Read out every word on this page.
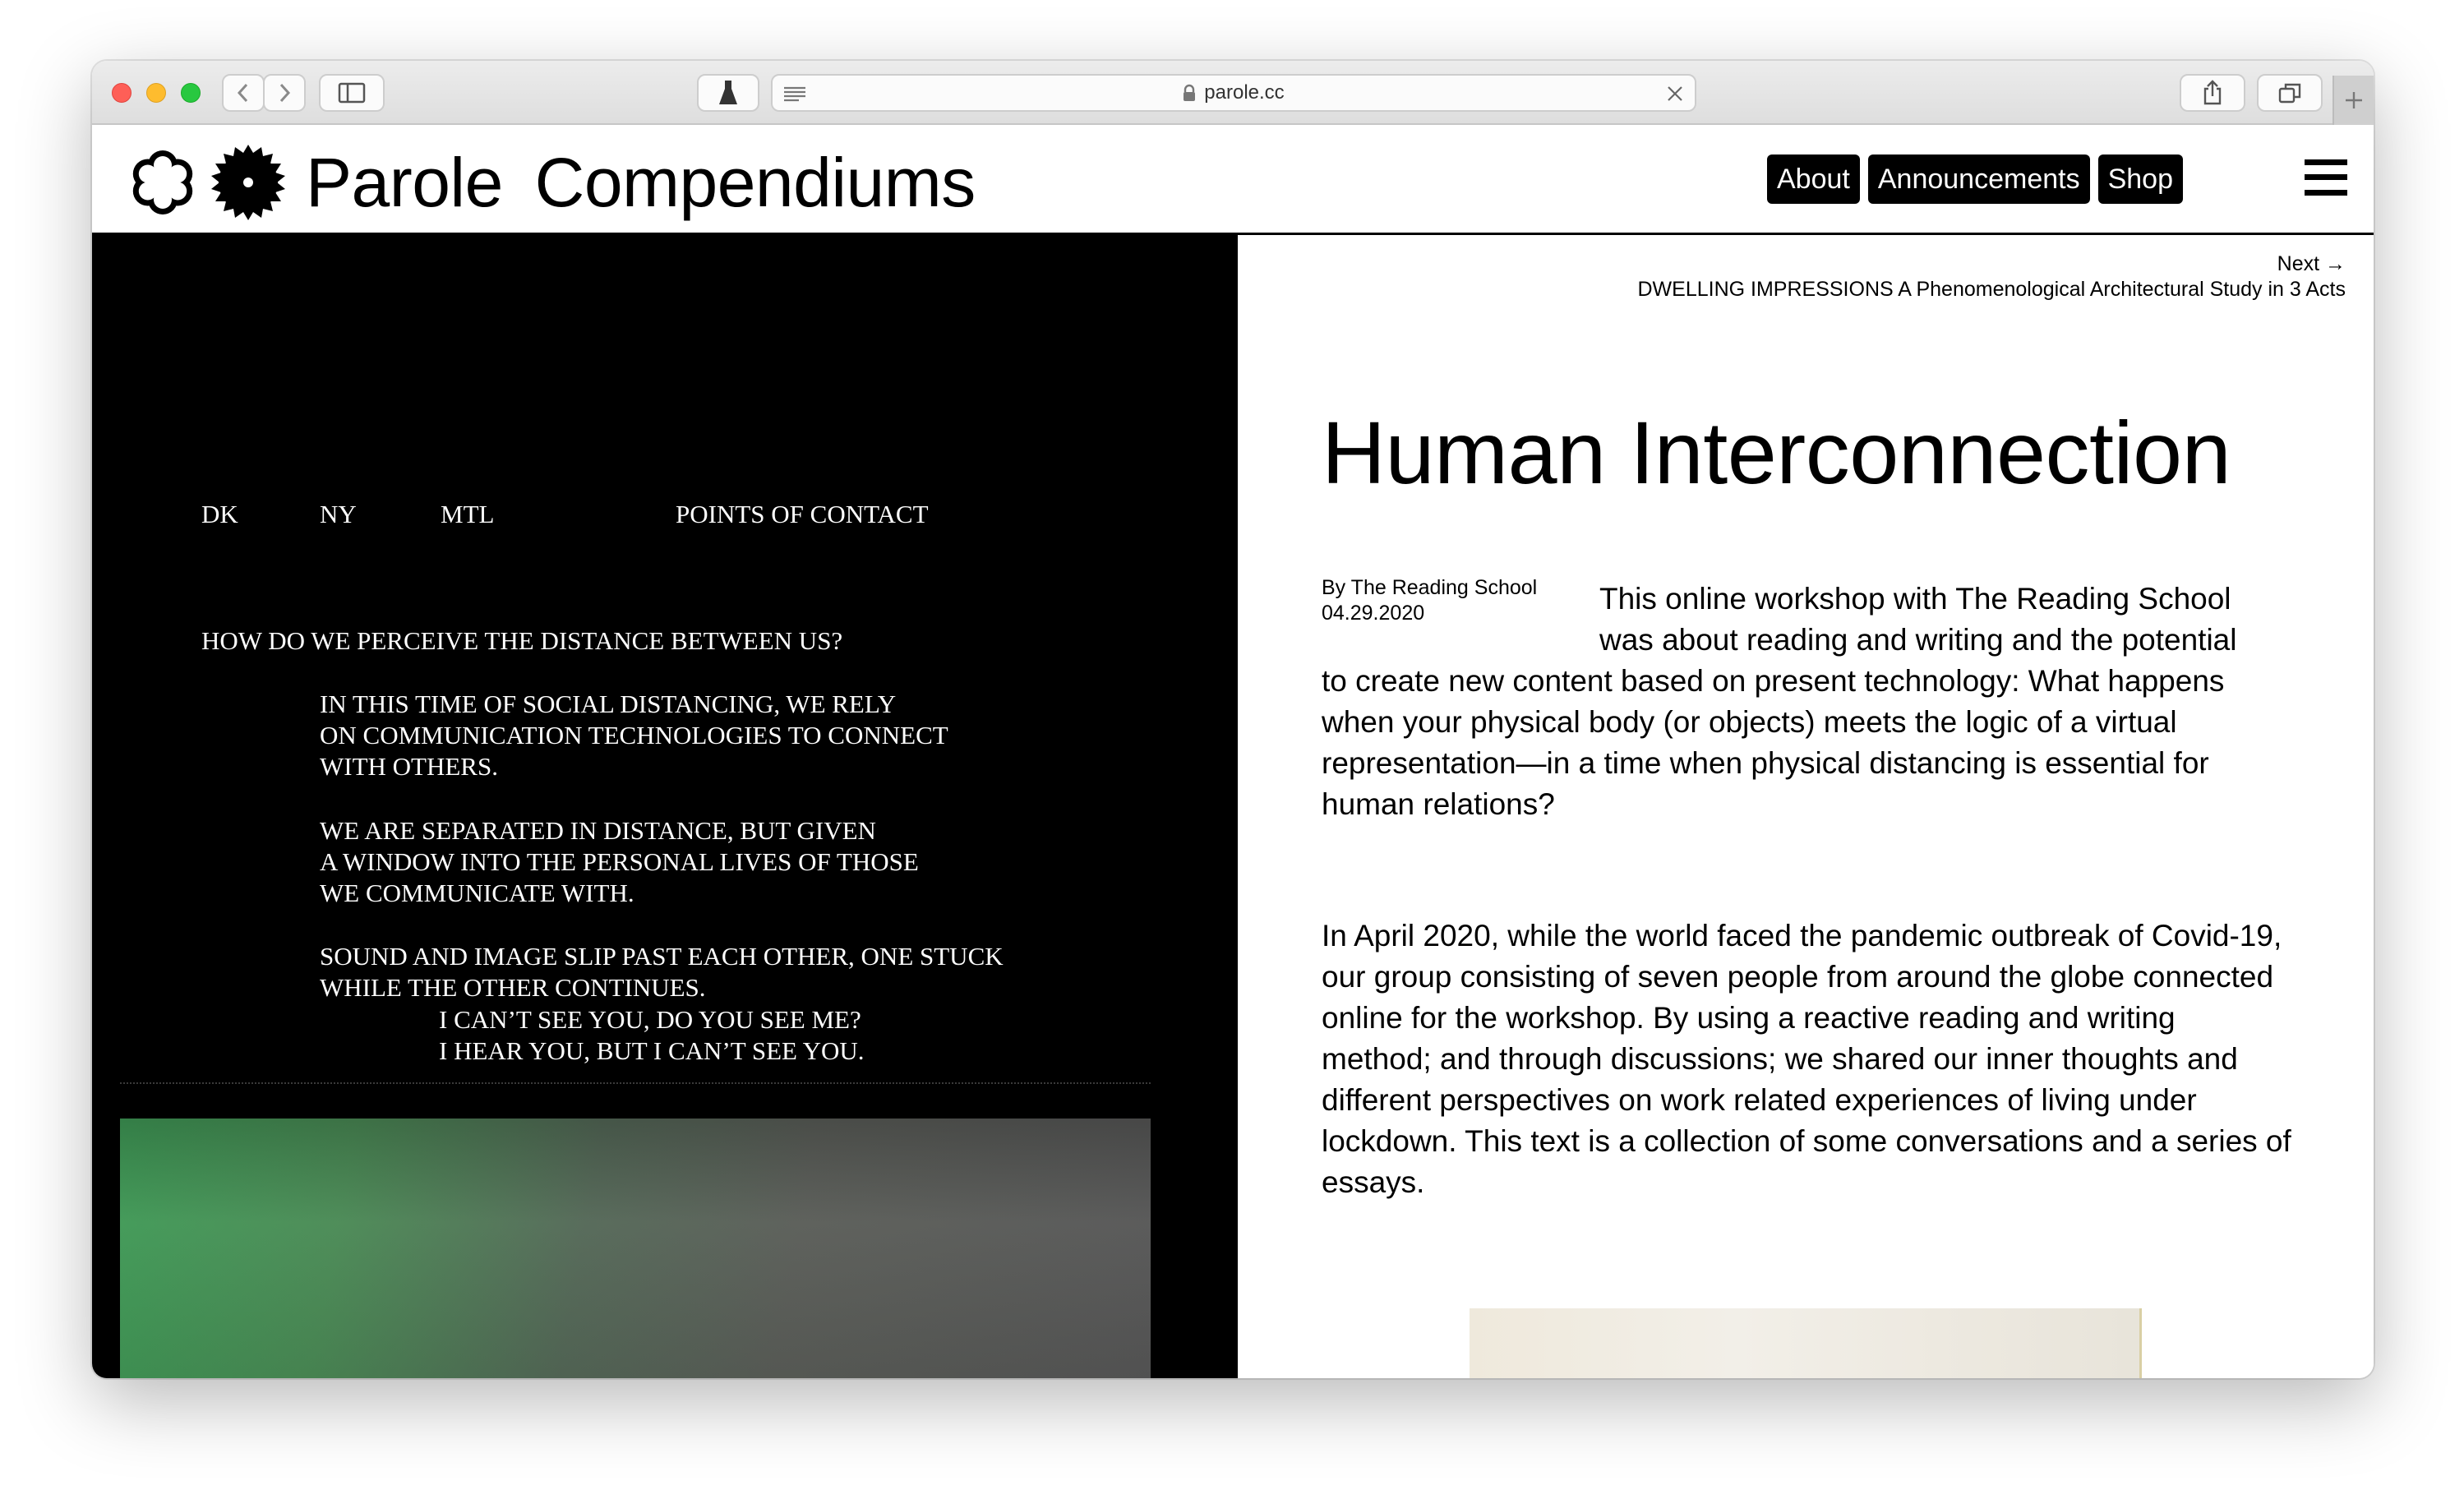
parole.cc
Parole Compendiums	About	Announcements	Shop
DK	NY	MTL	POINTS OF CONTACT
HOW DO WE PERCEIVE THE DISTANCE BETWEEN US?
IN THIS TIME OF SOCIAL DISTANCING, WE RELY
ON COMMUNICATION TECHNOLOGIES TO CONNECT
WITH OTHERS.
WE ARE SEPARATED IN DISTANCE, BUT GIVEN
A WINDOW INTO THE PERSONAL LIVES OF THOSE
WE COMMUNICATE WITH.
SOUND AND IMAGE SLIP PAST EACH OTHER, ONE STUCK
WHILE THE OTHER CONTINUES.
I CAN’T SEE YOU, DO YOU SEE ME?
I HEAR YOU, BUT I CAN’T SEE YOU.
Next →
DWELLING IMPRESSIONS A Phenomenological Architectural Study in 3 Acts
Human Interconnection
By The Reading School
04.29.2020	This online workshop with The Reading School was about reading and writing and the potential
to create new content based on present technology: What happens when your physical body (or objects) meets the logic of a virtual representation—in a time when physical distancing is essential for human relations?
In April 2020, while the world faced the pandemic outbreak of Covid-19, our group consisting of seven people from around the globe connected online for the workshop. By using a reactive reading and writing method; and through discussions; we shared our inner thoughts and different perspectives on work related experiences of living under lockdown. This text is a collection of some conversations and a series of essays.
